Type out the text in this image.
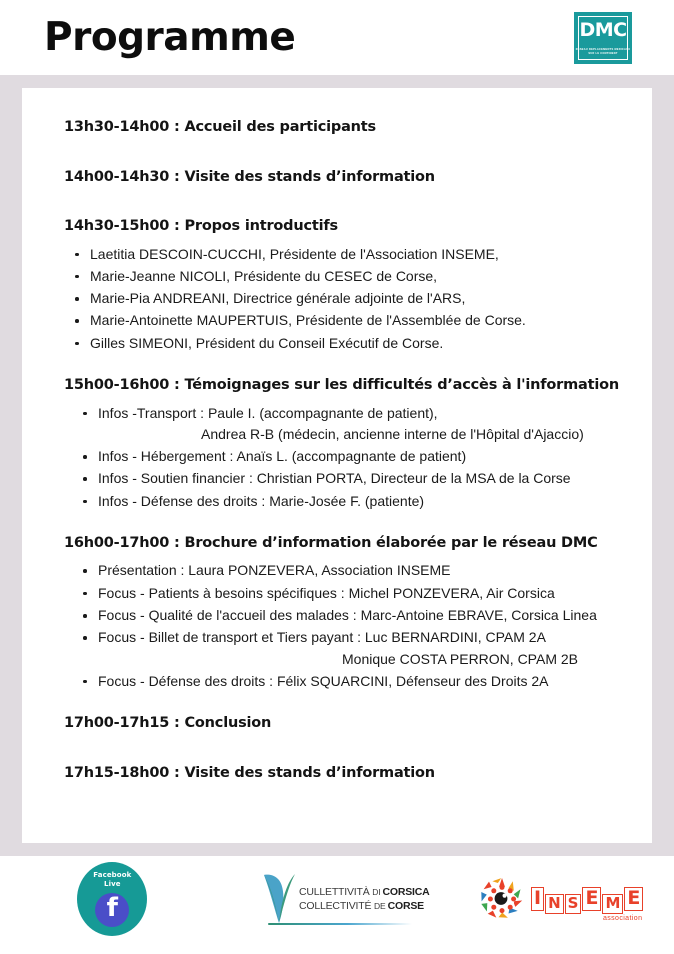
Programme	DMC
RESEAU DEPLACEMENTS MEDICAUX
SUR LE CONTINENT
13h30-14h00 : Accueil des participants
14h00-14h30 : Visite des stands d’information
14h30-15h00 : Propos introductifs
Laetitia DESCOIN-CUCCHI, Présidente de l'Association INSEME,
Marie-Jeanne NICOLI, Présidente du CESEC de Corse,
Marie-Pia ANDREANI, Directrice générale adjointe de l'ARS,
Marie-Antoinette MAUPERTUIS, Présidente de l'Assemblée de Corse.
Gilles SIMEONI, Président du Conseil Exécutif de Corse.
15h00-16h00 : Témoignages sur les difficultés d’accès à l'information
Infos -Transport : Paule I. (accompagnante de patient),
Andrea R-B (médecin, ancienne interne de l'Hôpital d'Ajaccio)
Infos - Hébergement : Anaïs L. (accompagnante de patient)
Infos - Soutien financier : Christian PORTA, Directeur de la MSA de la Corse
Infos - Défense des droits : Marie-Josée F. (patiente)
16h00-17h00 : Brochure d’information élaborée par le réseau DMC
Présentation : Laura PONZEVERA, Association INSEME
Focus - Patients à besoins spécifiques : Michel PONZEVERA, Air Corsica
Focus - Qualité de l'accueil des malades : Marc-Antoine EBRAVE, Corsica Linea
Focus - Billet de transport et Tiers payant : Luc BERNARDINI, CPAM 2A
Monique COSTA PERRON, CPAM 2B
Focus - Défense des droits : Félix SQUARCINI, Défenseur des Droits 2A
17h00-17h15 : Conclusion
17h15-18h00 : Visite des stands d’information
Facebook
Live
f
CULLETTIVITÀ DI CORSICA
COLLECTIVITÉ DE CORSE	I N S E M E
association
